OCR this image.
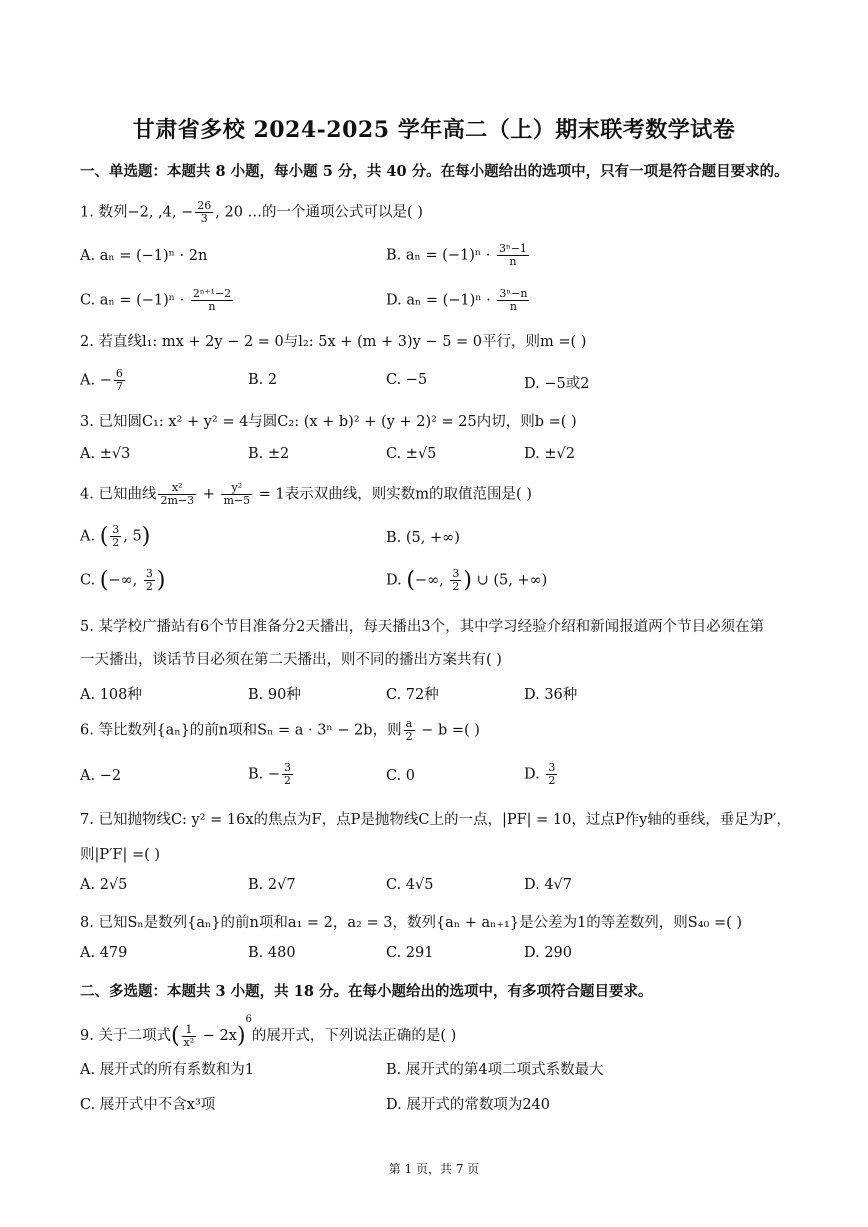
甘肃省多校 2024-2025 学年高二（上）期末联考数学试卷
一、单选题：本题共 8 小题，每小题 5 分，共 40 分。在每小题给出的选项中，只有一项是符合题目要求的。
1. 数列−2, ,4, − $\frac{26}{3}$ , 20 …的一个通项公式可以是( )
A. aₙ = (−1)ⁿ · 2n	B. $a_n = (-1)^n \cdot \frac{\text{3ⁿ−1}}{n}$
C. $a_n = (-1)^n \cdot \frac{\text{2ⁿ⁺¹−2}}{n}$	D. $a_n = (-1)^n \cdot \frac{\text{3ⁿ−n}}{n}$
2. 若直线l₁: mx + 2y − 2 = 0与l₂: 5x + (m + 3)y − 5 = 0平行，则m =( )
A. − $\frac{6}{7}$	B. 2	C. −5	D. −5或2
3. 已知圆C₁: x² + y² = 4与圆C₂: (x + b)² + (y + 2)² = 25内切，则b =( )
A. ±√3	B. ±2	C. ±√5	D. ±√2
4. 已知曲线 $\frac{\text{x²}}{2m-3} + \frac{\text{y²}}{m-5} = 1$表示双曲线，则实数m的取值范围是( )
A. ( $\frac{3}{2}$ , 5)	B. (5, +∞)
C. (−∞, $\frac{3}{2}$ )	D. (−∞, $\frac{3}{2}$ ) ∪ (5, +∞)
5. 某学校广播站有6个节目准备分2天播出，每天播出3个，其中学习经验介绍和新闻报道两个节目必须在第
一天播出，谈话节目必须在第二天播出，则不同的播出方案共有( )
A. 108种	B. 90种	C. 72种	D. 36种
6. 等比数列{aₙ}的前n项和Sₙ = a · 3ⁿ − 2b，则 $\frac{a}{2} - b$ =( )
A. −2	B. − $\frac{3}{2}$	C. 0	D. $\frac{3}{2}$
7. 已知抛物线C: y² = 16x的焦点为F，点P是抛物线C上的一点，|PF| = 10，过点P作y轴的垂线，垂足为P′，
则|P′F| =( )
A. 2√5	B. 2√7	C. 4√5	D. 4√7
8. 已知Sₙ是数列{aₙ}的前n项和a₁ = 2，a₂ = 3，数列{aₙ + aₙ₊₁}是公差为1的等差数列，则S₄₀ =( )
A. 479	B. 480	C. 291	D. 290
二、多选题：本题共 3 小题，共 18 分。在每小题给出的选项中，有多项符合题目要求。
9. 关于二项式( $\frac{1}{\text{x²}} - 2x)^6$的展开式，下列说法正确的是( )
A. 展开式的所有系数和为1	B. 展开式的第4项二项式系数最大
C. 展开式中不含x³项	D. 展开式的常数项为240
第 1 页，共 7 页
